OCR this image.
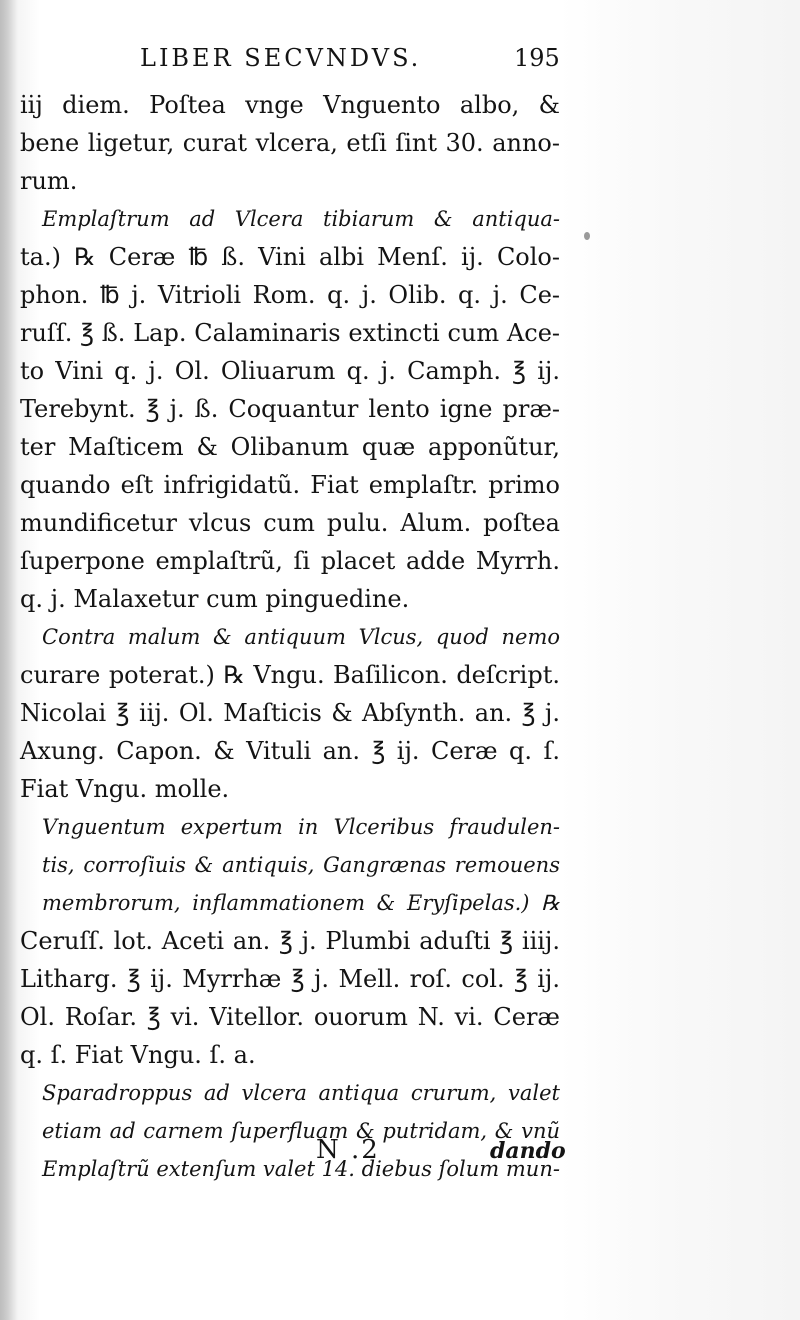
LIBER SECVNDVS.	195
iij diem. Poſtea vnge Vnguento albo, &
bene ligetur, curat vlcera, etſi ſint 30. anno-
rum.
Emplaſtrum ad Vlcera tibiarum & antiqua-
ta.) ℞ Ceræ ℔ ß. Vini albi Menſ. ij. Colo-
phon. ℔ j. Vitrioli Rom. q. j. Olib. q. j. Ce-
ruſſ. ℥ ß. Lap. Calaminaris extincti cum Ace-
to Vini q. j. Ol. Oliuarum q. j. Camph. ℥ ij.
Terebynt. ℥ j. ß. Coquantur lento igne præ-
ter Maſticem & Olibanum quæ apponũtur,
quando eſt infrigidatũ. Fiat emplaſtr. primo
mundificetur vlcus cum pulu. Alum. poſtea
ſuperpone emplaſtrũ, ſi placet adde Myrrh.
q. j. Malaxetur cum pinguedine.
Contra malum & antiquum Vlcus, quod nemo
curare poterat.) ℞ Vngu. Baſilicon. deſcript.
Nicolai ℥ iij. Ol. Maſticis & Abſynth. an. ℥ j.
Axung. Capon. & Vituli an. ℥ ij. Ceræ q. ſ.
Fiat Vngu. molle.
Vnguentum expertum in Vlceribus fraudulen-
tis, corroſiuis & antiquis, Gangrænas remouens
membrorum, inflammationem & Eryſipelas.) ℞
Ceruſſ. lot. Aceti an. ℥ j. Plumbi aduſti ℥ iiij.
Litharg. ℥ ij. Myrrhæ ℥ j. Mell. roſ. col. ℥ ij.
Ol. Roſar. ℥ vi. Vitellor. ouorum N. vi. Ceræ
q. ſ. Fiat Vngu. ſ. a.
Sparadroppus ad vlcera antiqua crurum, valet
etiam ad carnem ſuperfluam & putridam, & vnũ
Emplaſtrũ extenſum valet 14. diebus ſolum mun-
N .2	dando
